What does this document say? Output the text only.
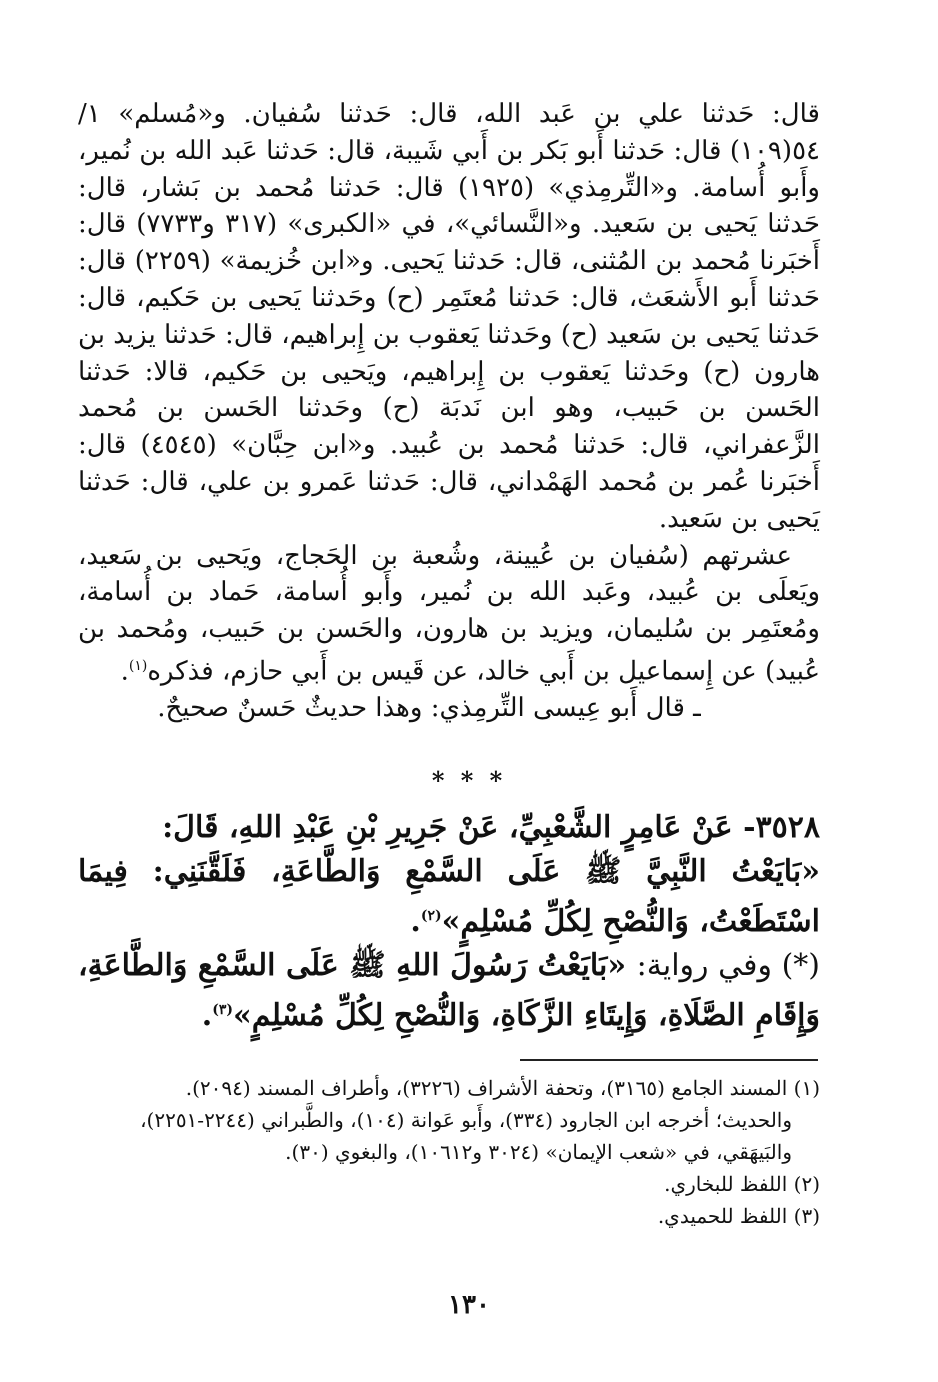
قال: حَدثنا علي بن عَبد الله، قال: حَدثنا سُفيان. و«مُسلم» ١/ ٥٤(١٠٩) قال: حَدثنا أَبو بَكر بن أَبي شَيبة، قال: حَدثنا عَبد الله بن نُمير، وأَبو أُسامة. و«التِّرمِذي» (١٩٢٥) قال: حَدثنا مُحمد بن بَشار، قال: حَدثنا يَحيى بن سَعيد. و«النَّسائي»، في «الكبرى» (٣١٧ و٧٧٣٣) قال: أَخبَرنا مُحمد بن المُثنى، قال: حَدثنا يَحيى. و«ابن خُزيمة» (٢٢٥٩) قال: حَدثنا أَبو الأَشعَث، قال: حَدثنا مُعتَمِر (ح) وحَدثنا يَحيى بن حَكيم، قال: حَدثنا يَحيى بن سَعيد (ح) وحَدثنا يَعقوب بن إِبراهيم، قال: حَدثنا يزيد بن هارون (ح) وحَدثنا يَعقوب بن إِبراهيم، ويَحيى بن حَكيم، قالا: حَدثنا الحَسن بن حَبيب، وهو ابن نَدبَة (ح) وحَدثنا الحَسن بن مُحمد الزَّعفراني، قال: حَدثنا مُحمد بن عُبيد. و«ابن حِبَّان» (٤٥٤٥) قال: أَخبَرنا عُمر بن مُحمد الهَمْداني، قال: حَدثنا عَمرو بن علي، قال: حَدثنا يَحيى بن سَعيد.

عشرتهم (سُفيان بن عُيينة، وشُعبة بن الحَجاج، ويَحيى بن سَعيد، ويَعلَى بن عُبيد، وعَبد الله بن نُمير، وأَبو أُسامة، حَماد بن أُسامة، ومُعتَمِر بن سُليمان، ويزيد بن هارون، والحَسن بن حَبيب، ومُحمد بن عُبيد) عن إِسماعيل بن أَبي خالد، عن قَيس بن أَبي حازم، فذكره$^{(١)}$.

ـ قال أَبو عِيسى التِّرمِذي: وهذا حديثٌ حَسنٌ صحيحٌ.

* * *

٣٥٢٨- عَنْ عَامِرٍ الشَّعْبِيِّ، عَنْ جَرِيرِ بْنِ عَبْدِ اللهِ، قَالَ:

«بَايَعْتُ النَّبِيَّ ﷺ عَلَى السَّمْعِ وَالطَّاعَةِ، فَلَقَّنَنِي: فِيمَا اسْتَطَعْتُ، وَالنُّصْحِ لِكُلِّ مُسْلِمٍ»$^{(٢)}$.

(*) وفي رواية: «بَايَعْتُ رَسُولَ اللهِ ﷺ عَلَى السَّمْعِ وَالطَّاعَةِ، وَإِقَامِ الصَّلَاةِ، وَإِيتَاءِ الزَّكَاةِ، وَالنُّصْحِ لِكُلِّ مُسْلِمٍ»$^{(٣)}$.

(١) المسند الجامع (٣١٦٥)، وتحفة الأشراف (٣٢٢٦)، وأطراف المسند (٢٠٩٤).

والحديث؛ أخرجه ابن الجارود (٣٣٤)، وأَبو عَوانة (١٠٤)، والطَّبراني (٢٢٤٤-٢٢٥١)، والبَيهَقي، في «شعب الإيمان» (٣٠٢٤ و١٠٦١٢)، والبغوي (٣٠).

(٢) اللفظ للبخاري.

(٣) اللفظ للحميدي.

١٣٠
